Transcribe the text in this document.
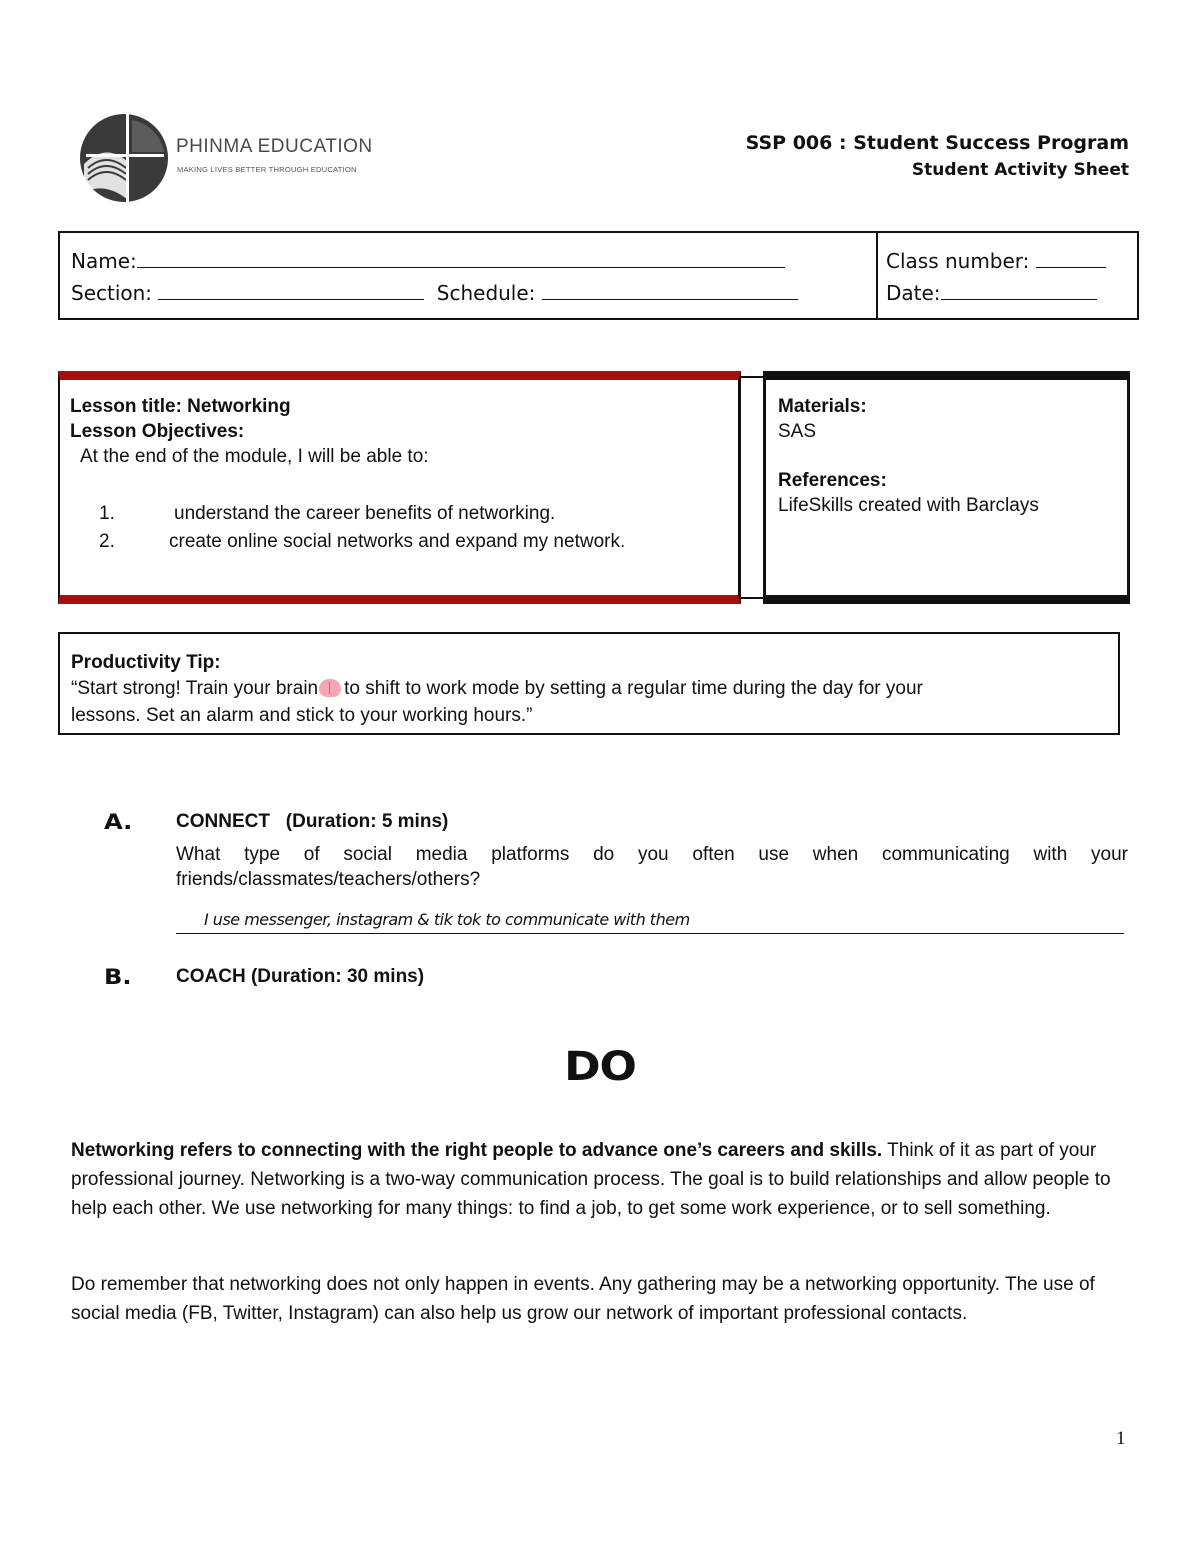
PHINMA EDUCATION
MAKING LIVES BETTER THROUGH EDUCATION
SSP 006 : Student Success Program
Student Activity Sheet
Name:
Section:	Schedule:
Class number:
Date:
Lesson title: Networking
Lesson Objectives:
At the end of the module, I will be able to:
1.	understand the career benefits of networking.
2.	create online social networks and expand my network.
Materials:
SAS
References:
LifeSkills created with Barclays
Productivity Tip:
“Start strong! Train your brain to shift to work mode by setting a regular time during the day for your
lessons. Set an alarm and stick to your working hours.”
A. CONNECT   (Duration: 5 mins)
What type of social media platforms do you often use when communicating with your friends/classmates/teachers/others?
I use messenger, instagram & tik tok to communicate with them
B. COACH (Duration: 30 mins)
DO
Networking refers to connecting with the right people to advance one’s careers and skills. Think of it as part of your professional journey. Networking is a two-way communication process. The goal is to build relationships and allow people to help each other. We use networking for many things: to find a job, to get some work experience, or to sell something.
Do remember that networking does not only happen in events. Any gathering may be a networking opportunity. The use of social media (FB, Twitter, Instagram) can also help us grow our network of important professional contacts.
1
